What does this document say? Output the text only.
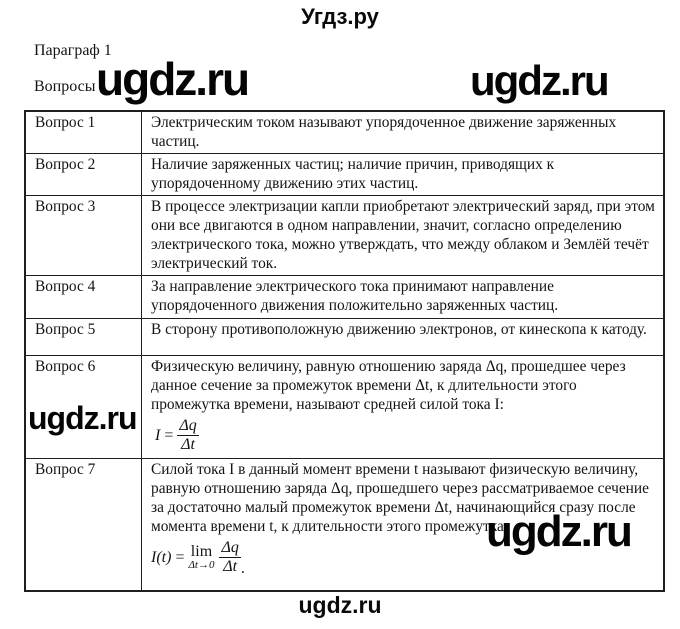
Угдз.ру
Параграф 1
Вопросы ugdz.ru	ugdz.ru
Вопрос 1	Электрическим током называют упорядоченное движение заряженных частиц.
Вопрос 2	Наличие заряженных частиц; наличие причин, приводящих к упорядоченному движению этих частиц.
Вопрос 3	В процессе электризации капли приобретают электрический заряд, при этом они все двигаются в одном направлении, значит, согласно определению электрического тока, можно утверждать, что между облаком и Землёй течёт электрический ток.
Вопрос 4	За направление электрического тока принимают направление упорядоченного движения положительно заряженных частиц.
Вопрос 5	В сторону противоположную движению электронов, от кинескопа к катоду.
Вопрос 6	Физическую величину, равную отношению заряда Δq, прошедшее через данное сечение за промежуток времени Δt, к длительности этого промежутка времени, называют средней силой тока I:
$I = \frac{\Delta q}{\Delta t}$

Вопрос 7	Силой тока I в данный момент времени t называют физическую величину, равную отношению заряда Δq, прошедшего через рассматриваемое сечение за достаточно малый промежуток времени Δt, начинающийся сразу после момента времени t, к длительности этого промежутка:
I(t) = lim
$\Delta t\to 0 \frac{\Delta q}{\Delta t}$ .
ugdz.ru
ugdz.ru
ugdz.ru
